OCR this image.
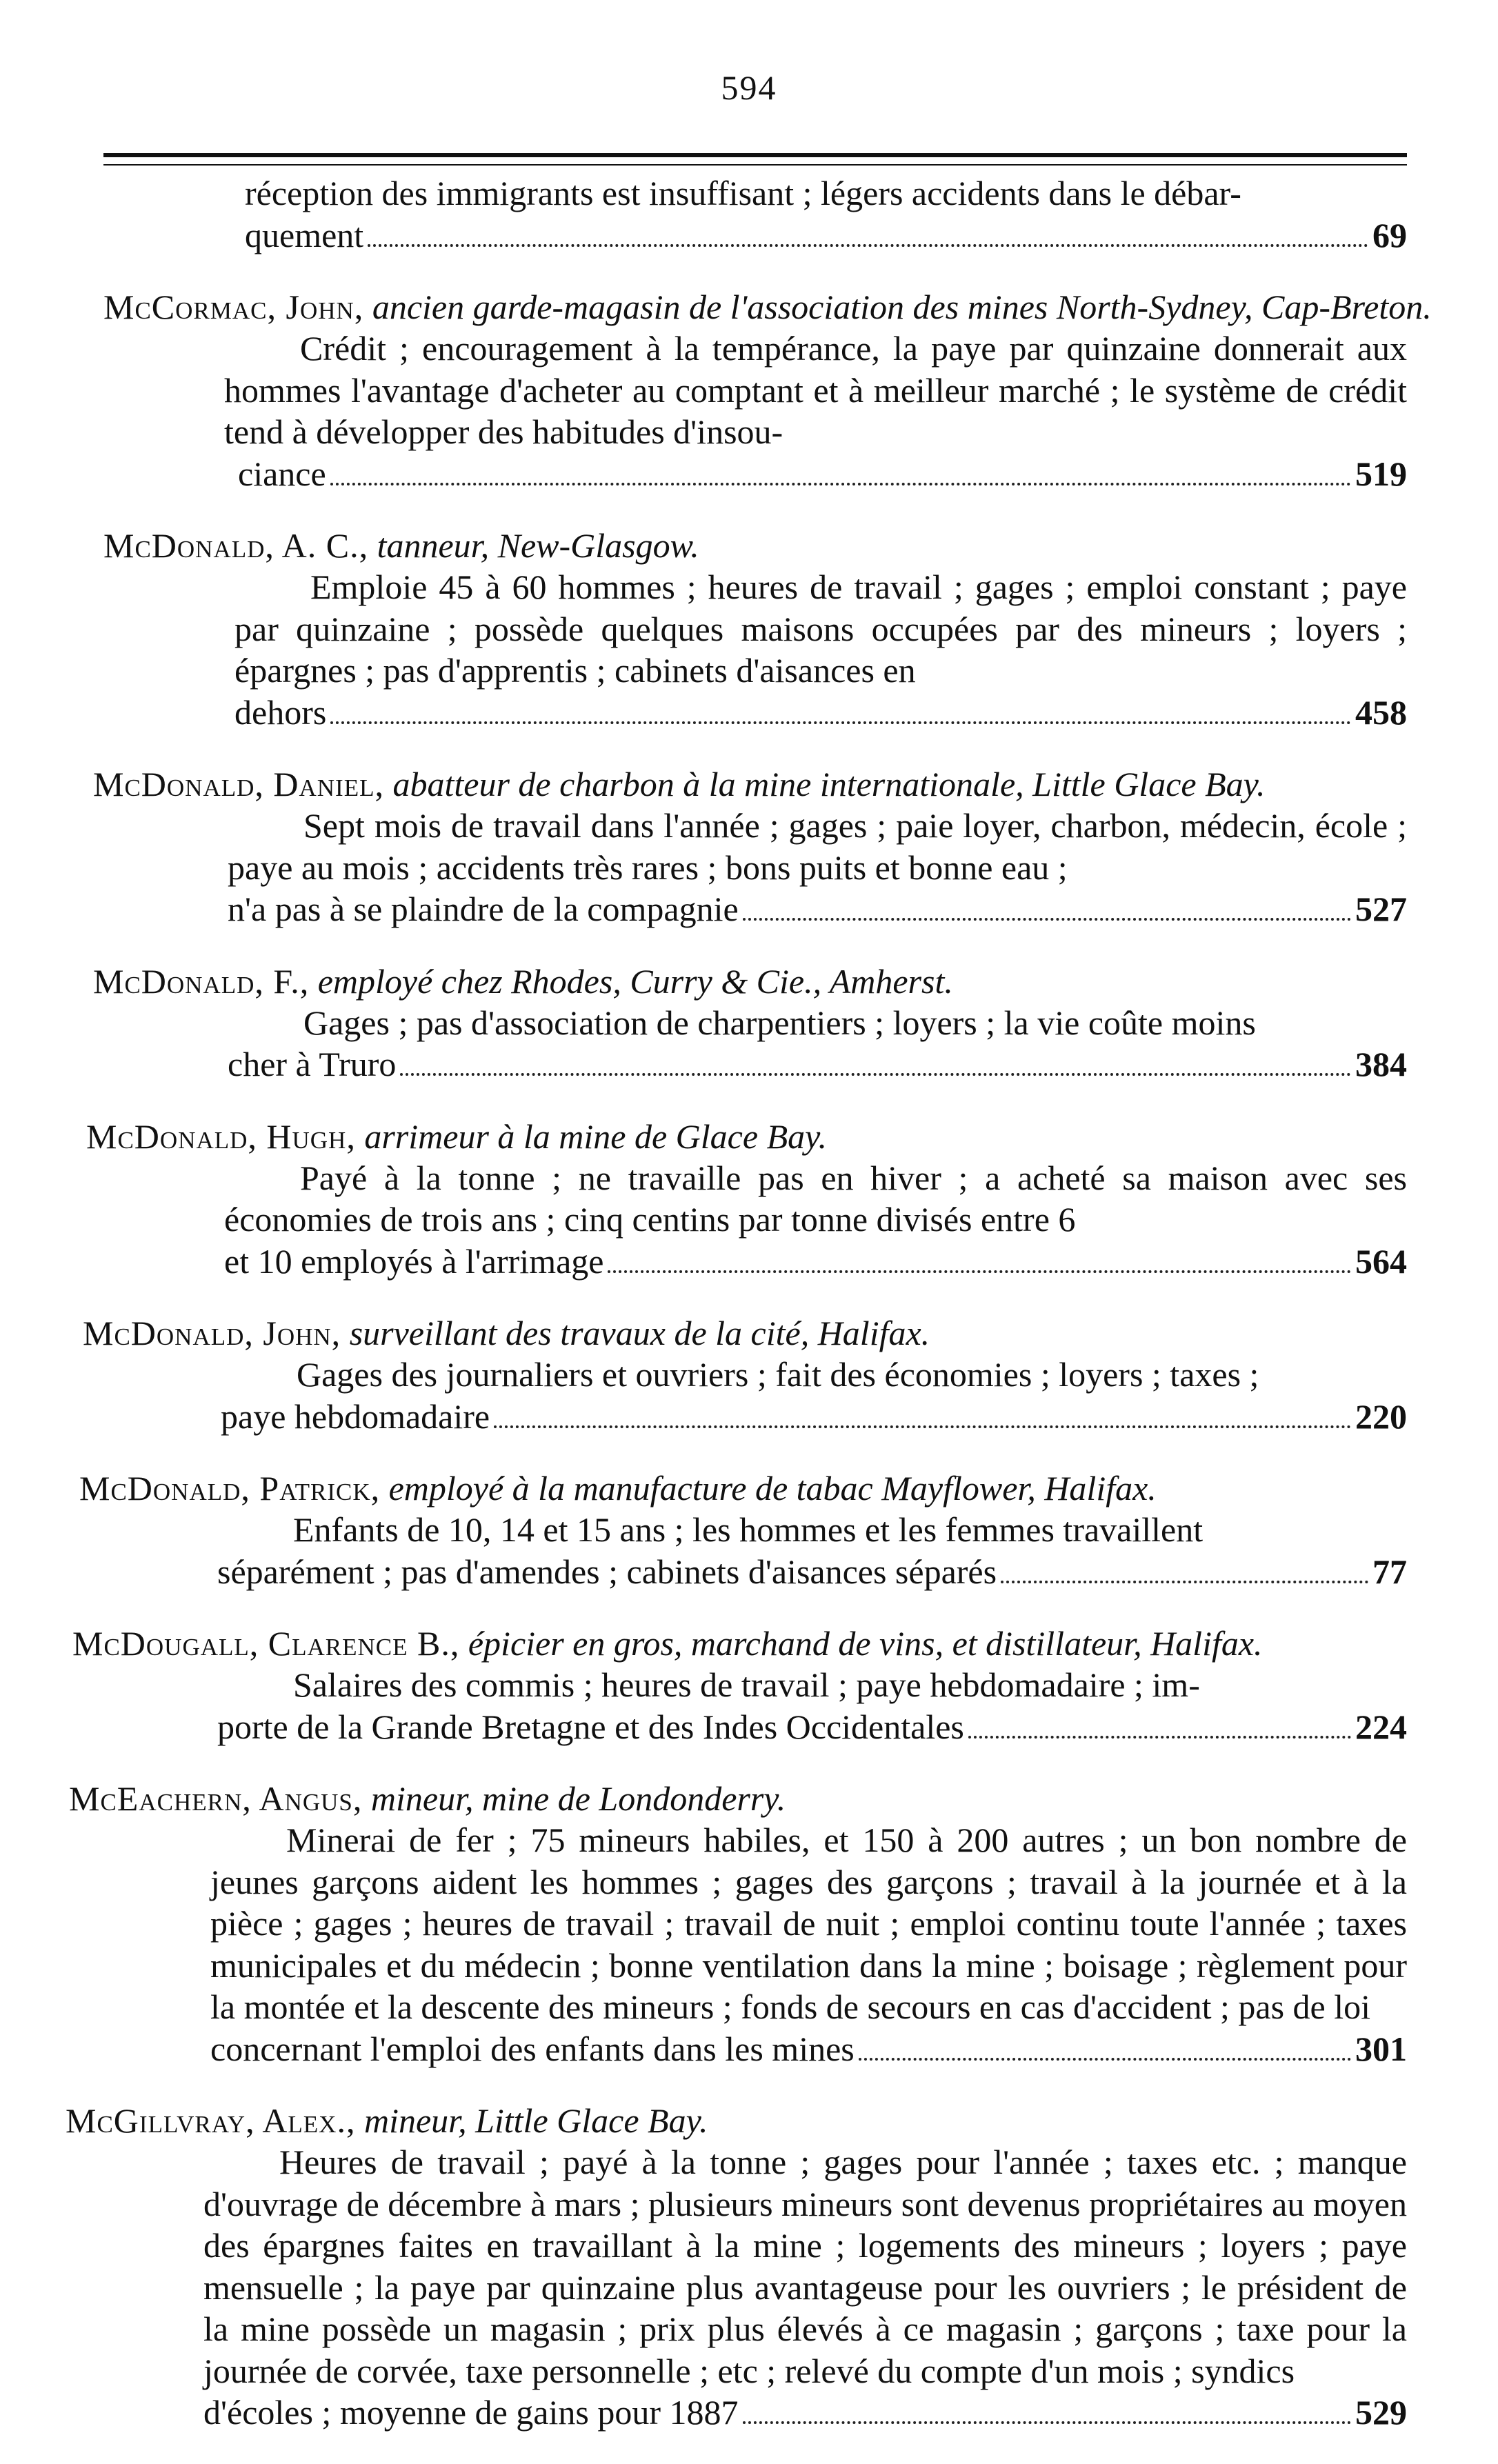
594
réception des immigrants est insuffisant ; légers accidents dans le débar-
quement	69
McCormac, John, ancien garde-magasin de l'association des mines North-Sydney, Cap-Breton.
Crédit ; encouragement à la tempérance, la paye par quinzaine donnerait aux hommes l'avantage d'acheter au comptant et à meilleur marché ; le système de crédit tend à développer des habitudes d'insou-
ciance	519
McDonald, A. C., tanneur, New-Glasgow.
Emploie 45 à 60 hommes ; heures de travail ; gages ; emploi constant ; paye par quinzaine ; possède quelques maisons occupées par des mineurs ; loyers ; épargnes ; pas d'apprentis ; cabinets d'aisances en
dehors	458
McDonald, Daniel, abatteur de charbon à la mine internationale, Little Glace Bay.
Sept mois de travail dans l'année ; gages ; paie loyer, charbon, médecin, école ; paye au mois ; accidents très rares ; bons puits et bonne eau ;
n'a pas à se plaindre de la compagnie	527
McDonald, F., employé chez Rhodes, Curry & Cie., Amherst.
Gages ; pas d'association de charpentiers ; loyers ; la vie coûte moins
cher à Truro	384
McDonald, Hugh, arrimeur à la mine de Glace Bay.
Payé à la tonne ; ne travaille pas en hiver ; a acheté sa maison avec ses économies de trois ans ; cinq centins par tonne divisés entre 6
et 10 employés à l'arrimage	564
McDonald, John, surveillant des travaux de la cité, Halifax.
Gages des journaliers et ouvriers ; fait des économies ; loyers ; taxes ;
paye hebdomadaire	220
McDonald, Patrick, employé à la manufacture de tabac Mayflower, Halifax.
Enfants de 10, 14 et 15 ans ; les hommes et les femmes travaillent
séparément ; pas d'amendes ; cabinets d'aisances séparés	77
McDougall, Clarence B., épicier en gros, marchand de vins, et distillateur, Halifax.
Salaires des commis ; heures de travail ; paye hebdomadaire ; im-
porte de la Grande Bretagne et des Indes Occidentales	224
McEachern, Angus, mineur, mine de Londonderry.
Minerai de fer ; 75 mineurs habiles, et 150 à 200 autres ; un bon nombre de jeunes garçons aident les hommes ; gages des garçons ; travail à la journée et à la pièce ; gages ; heures de travail ; travail de nuit ; emploi continu toute l'année ; taxes municipales et du médecin ; bonne ventilation dans la mine ; boisage ; règlement pour la montée et la descente des mineurs ; fonds de secours en cas d'accident ; pas de loi
concernant l'emploi des enfants dans les mines	301
McGillvray, Alex., mineur, Little Glace Bay.
Heures de travail ; payé à la tonne ; gages pour l'année ; taxes etc. ; manque d'ouvrage de décembre à mars ; plusieurs mineurs sont devenus propriétaires au moyen des épargnes faites en travaillant à la mine ; logements des mineurs ; loyers ; paye mensuelle ; la paye par quinzaine plus avantageuse pour les ouvriers ; le président de la mine possède un magasin ; prix plus élevés à ce magasin ; garçons ; taxe pour la journée de corvée, taxe personnelle ; etc ; relevé du compte d'un mois ; syndics
d'écoles ; moyenne de gains pour 1887	529
